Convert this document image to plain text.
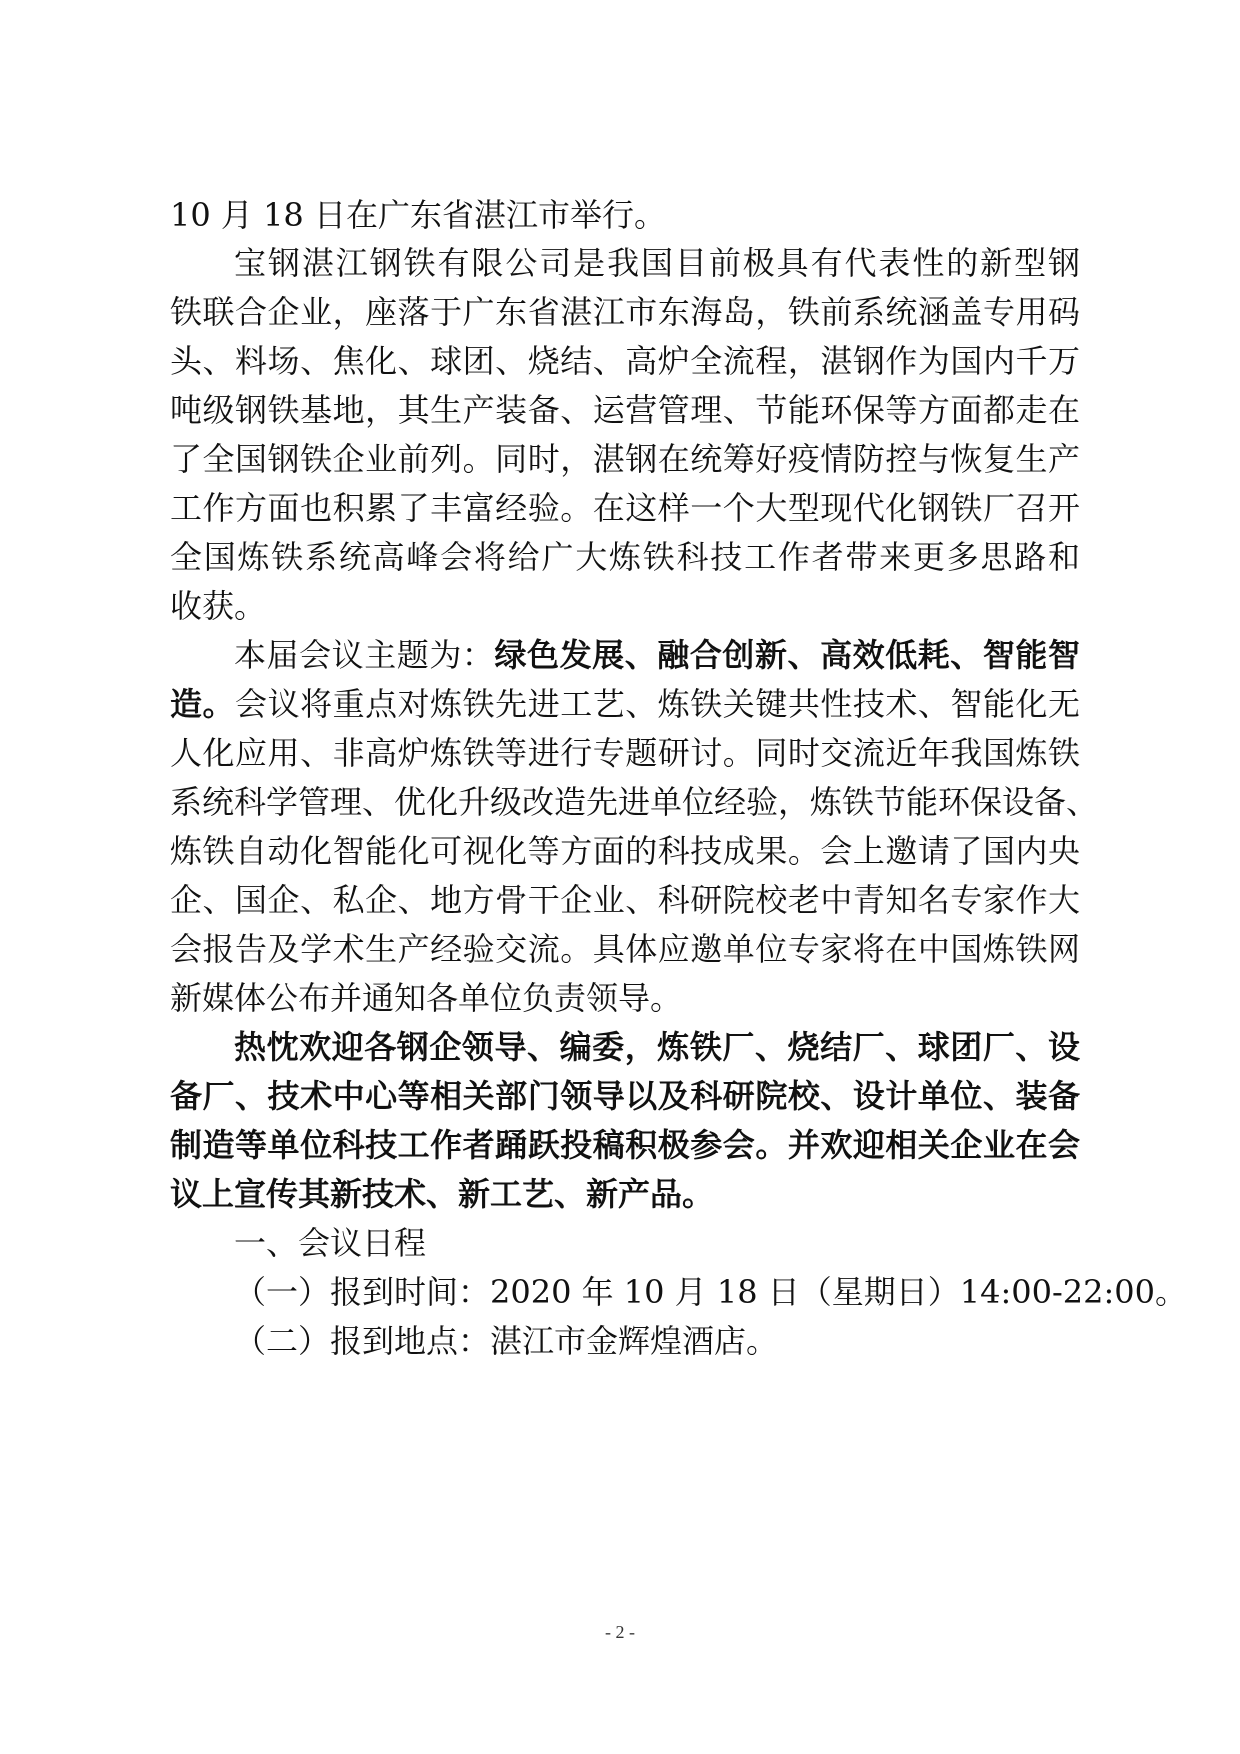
10 月 18 日在广东省湛江市举行。

宝钢湛江钢铁有限公司是我国目前极具有代表性的新型钢

铁联合企业，座落于广东省湛江市东海岛，铁前系统涵盖专用码

头、料场、焦化、球团、烧结、高炉全流程，湛钢作为国内千万

吨级钢铁基地，其生产装备、运营管理、节能环保等方面都走在

了全国钢铁企业前列。同时，湛钢在统筹好疫情防控与恢复生产

工作方面也积累了丰富经验。在这样一个大型现代化钢铁厂召开

全国炼铁系统高峰会将给广大炼铁科技工作者带来更多思路和

收获。

本届会议主题为：绿色发展、融合创新、高效低耗、智能智

造。会议将重点对炼铁先进工艺、炼铁关键共性技术、智能化无

人化应用、非高炉炼铁等进行专题研讨。同时交流近年我国炼铁

系统科学管理、优化升级改造先进单位经验，炼铁节能环保设备、

炼铁自动化智能化可视化等方面的科技成果。会上邀请了国内央

企、国企、私企、地方骨干企业、科研院校老中青知名专家作大

会报告及学术生产经验交流。具体应邀单位专家将在中国炼铁网

新媒体公布并通知各单位负责领导。

热忱欢迎各钢企领导、编委，炼铁厂、烧结厂、球团厂、设

备厂、技术中心等相关部门领导以及科研院校、设计单位、装备

制造等单位科技工作者踊跃投稿积极参会。并欢迎相关企业在会

议上宣传其新技术、新工艺、新产品。

一、会议日程

（一）报到时间：2020 年 10 月 18 日（星期日）14:00-22:00。

（二）报到地点：湛江市金辉煌酒店。

- 2 -
